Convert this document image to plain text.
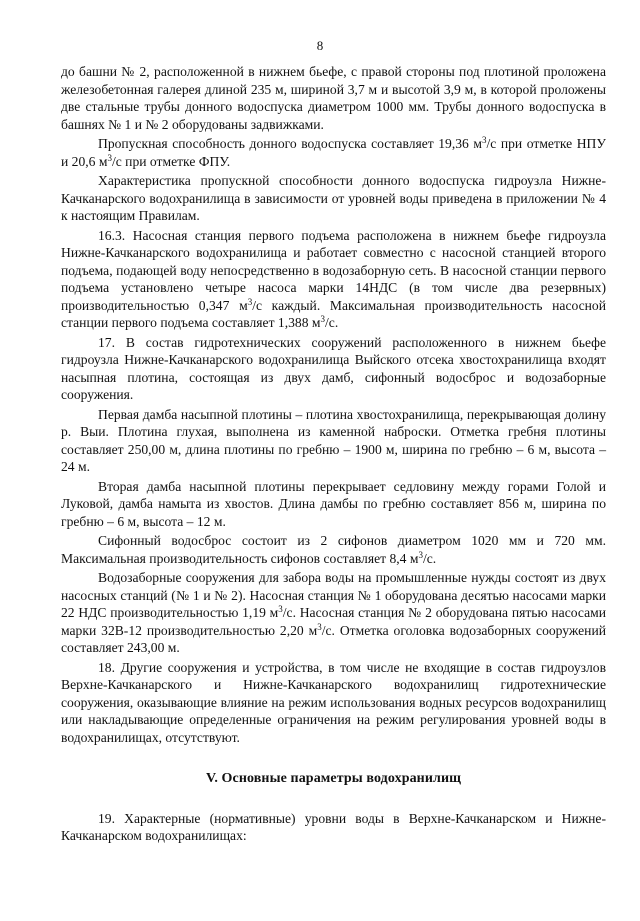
8

до башни № 2, расположенной в нижнем бьефе, с правой стороны под плотиной проложена железобетонная галерея длиной 235 м, шириной 3,7 м и высотой 3,9 м, в которой проложены две стальные трубы донного водоспуска диаметром 1000 мм. Трубы донного водоспуска в башнях № 1 и № 2 оборудованы задвижками.

Пропускная способность донного водоспуска составляет 19,36 $м^3/с$ при отметке НПУ и 20,6 $м^3/с$ при отметке ФПУ.

Характеристика пропускной способности донного водоспуска гидроузла Нижне-Качканарского водохранилища в зависимости от уровней воды приведена в приложении № 4 к настоящим Правилам.

16.3. Насосная станция первого подъема расположена в нижнем бьефе гидроузла Нижне-Качканарского водохранилища и работает совместно с насосной станцией второго подъема, подающей воду непосредственно в водозаборную сеть. В насосной станции первого подъема установлено четыре насоса марки 14НДС (в том числе два резервных) производительностью 0,347 $м^3/с$ каждый. Максимальная производительность насосной станции первого подъема составляет 1,388 $м^3/с$.

17. В состав гидротехнических сооружений расположенного в нижнем бьефе гидроузла Нижне-Качканарского водохранилища Выйского отсека хвостохранилища входят насыпная плотина, состоящая из двух дамб, сифонный водосброс и водозаборные сооружения.

Первая дамба насыпной плотины – плотина хвостохранилища, перекрывающая долину р. Выи. Плотина глухая, выполнена из каменной наброски. Отметка гребня плотины составляет 250,00 м, длина плотины по гребню – 1900 м, ширина по гребню – 6 м, высота – 24 м.

Вторая дамба насыпной плотины перекрывает седловину между горами Голой и Луковой, дамба намыта из хвостов. Длина дамбы по гребню составляет 856 м, ширина по гребню – 6 м, высота – 12 м.

Сифонный водосброс состоит из 2 сифонов диаметром 1020 мм и 720 мм. Максимальная производительность сифонов составляет 8,4 $м^3/с$.

Водозаборные сооружения для забора воды на промышленные нужды состоят из двух насосных станций (№ 1 и № 2). Насосная станция № 1 оборудована десятью насосами марки 22 НДС производительностью 1,19 $м^3/с$. Насосная станция № 2 оборудована пятью насосами марки 32В-12 производительностью 2,20 $м^3/с$. Отметка оголовка водозаборных сооружений составляет 243,00 м.

18. Другие сооружения и устройства, в том числе не входящие в состав гидроузлов Верхне-Качканарского и Нижне-Качканарского водохранилищ гидротехнические сооружения, оказывающие влияние на режим использования водных ресурсов водохранилищ или накладывающие определенные ограничения на режим регулирования уровней воды в водохранилищах, отсутствуют.

V. Основные параметры водохранилищ

19. Характерные (нормативные) уровни воды в Верхне-Качканарском и Нижне-Качканарском водохранилищах:
